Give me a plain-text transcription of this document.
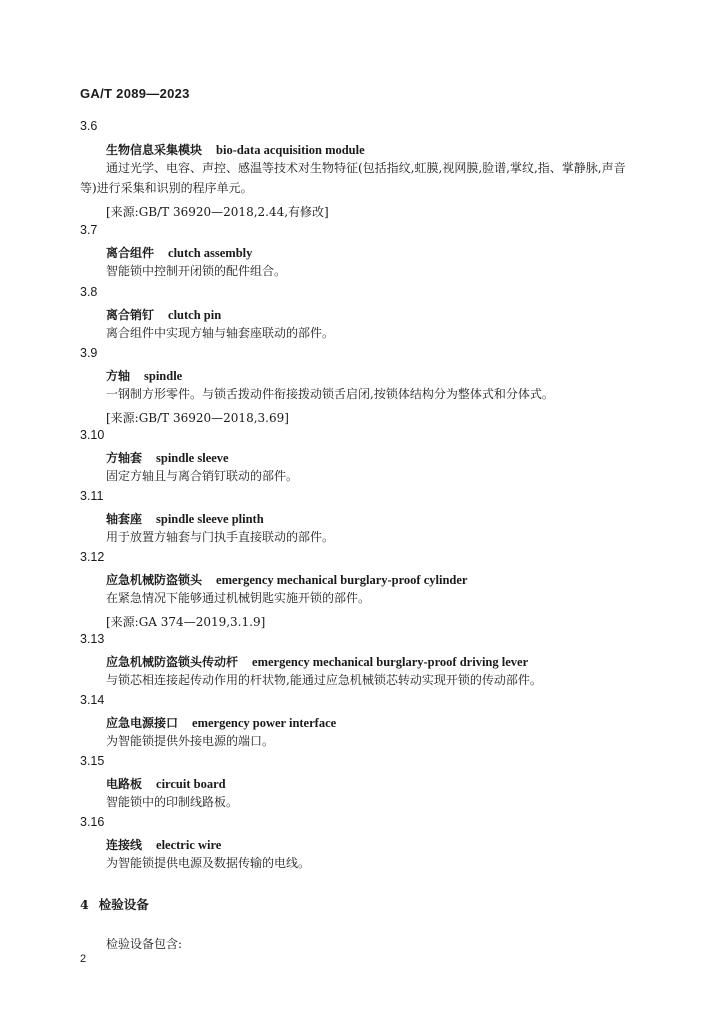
GA/T 2089—2023
3.6
生物信息采集模块 bio-data acquisition module
通过光学、电容、声控、感温等技术对生物特征(包括指纹,虹膜,视网膜,脸谱,掌纹,指、掌静脉,声音等)进行采集和识别的程序单元。
[来源:GB/T 36920—2018,2.44,有修改]
3.7
离合组件 clutch assembly
智能锁中控制开闭锁的配件组合。
3.8
离合销钉 clutch pin
离合组件中实现方轴与轴套座联动的部件。
3.9
方轴 spindle
一钢制方形零件。与锁舌拨动件衔接拨动锁舌启闭,按锁体结构分为整体式和分体式。
[来源:GB/T 36920—2018,3.69]
3.10
方轴套 spindle sleeve
固定方轴且与离合销钉联动的部件。
3.11
轴套座 spindle sleeve plinth
用于放置方轴套与门执手直接联动的部件。
3.12
应急机械防盗锁头 emergency mechanical burglary-proof cylinder
在紧急情况下能够通过机械钥匙实施开锁的部件。
[来源:GA 374—2019,3.1.9]
3.13
应急机械防盗锁头传动杆 emergency mechanical burglary-proof driving lever
与锁芯相连接起传动作用的杆状物,能通过应急机械锁芯转动实现开锁的传动部件。
3.14
应急电源接口 emergency power interface
为智能锁提供外接电源的端口。
3.15
电路板 circuit board
智能锁中的印制线路板。
3.16
连接线 electric wire
为智能锁提供电源及数据传输的电线。
4 检验设备
检验设备包含:
2
